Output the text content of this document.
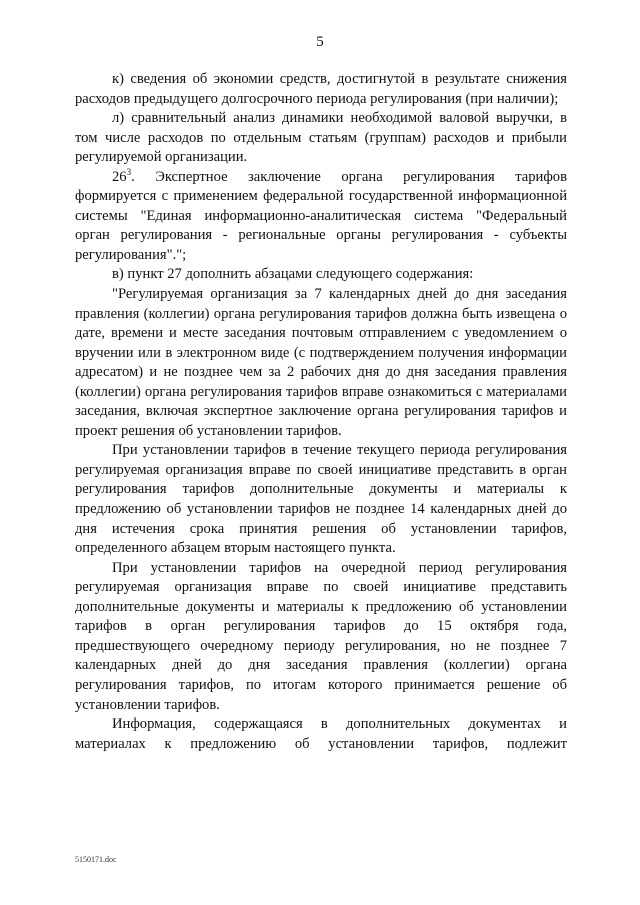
5

к) сведения об экономии средств, достигнутой в результате снижения расходов предыдущего долгосрочного периода регулирования (при наличии);

л) сравнительный анализ динамики необходимой валовой выручки, в том числе расходов по отдельным статьям (группам) расходов и прибыли регулируемой организации.

$26^3$. Экспертное заключение органа регулирования тарифов формируется с применением федеральной государственной информационной системы "Единая информационно-аналитическая система "Федеральный орган регулирования - региональные органы регулирования - субъекты регулирования".";

в) пункт 27 дополнить абзацами следующего содержания:

"Регулируемая организация за 7 календарных дней до дня заседания правления (коллегии) органа регулирования тарифов должна быть извещена о дате, времени и месте заседания почтовым отправлением с уведомлением о вручении или в электронном виде (с подтверждением получения информации адресатом) и не позднее чем за 2 рабочих дня до дня заседания правления (коллегии) органа регулирования тарифов вправе ознакомиться с материалами заседания, включая экспертное заключение органа регулирования тарифов и проект решения об установлении тарифов.

При установлении тарифов в течение текущего периода регулирования регулируемая организация вправе по своей инициативе представить в орган регулирования тарифов дополнительные документы и материалы к предложению об установлении тарифов не позднее 14 календарных дней до дня истечения срока принятия решения об установлении тарифов, определенного абзацем вторым настоящего пункта.

При установлении тарифов на очередной период регулирования регулируемая организация вправе по своей инициативе представить дополнительные документы и материалы к предложению об установлении тарифов в орган регулирования тарифов до 15 октября года, предшествующего очередному периоду регулирования, но не позднее 7 календарных дней до дня заседания правления (коллегии) органа регулирования тарифов, по итогам которого принимается решение об установлении тарифов.

Информация, содержащаяся в дополнительных документах и материалах к предложению об установлении тарифов, подлежит

5150171.doc
